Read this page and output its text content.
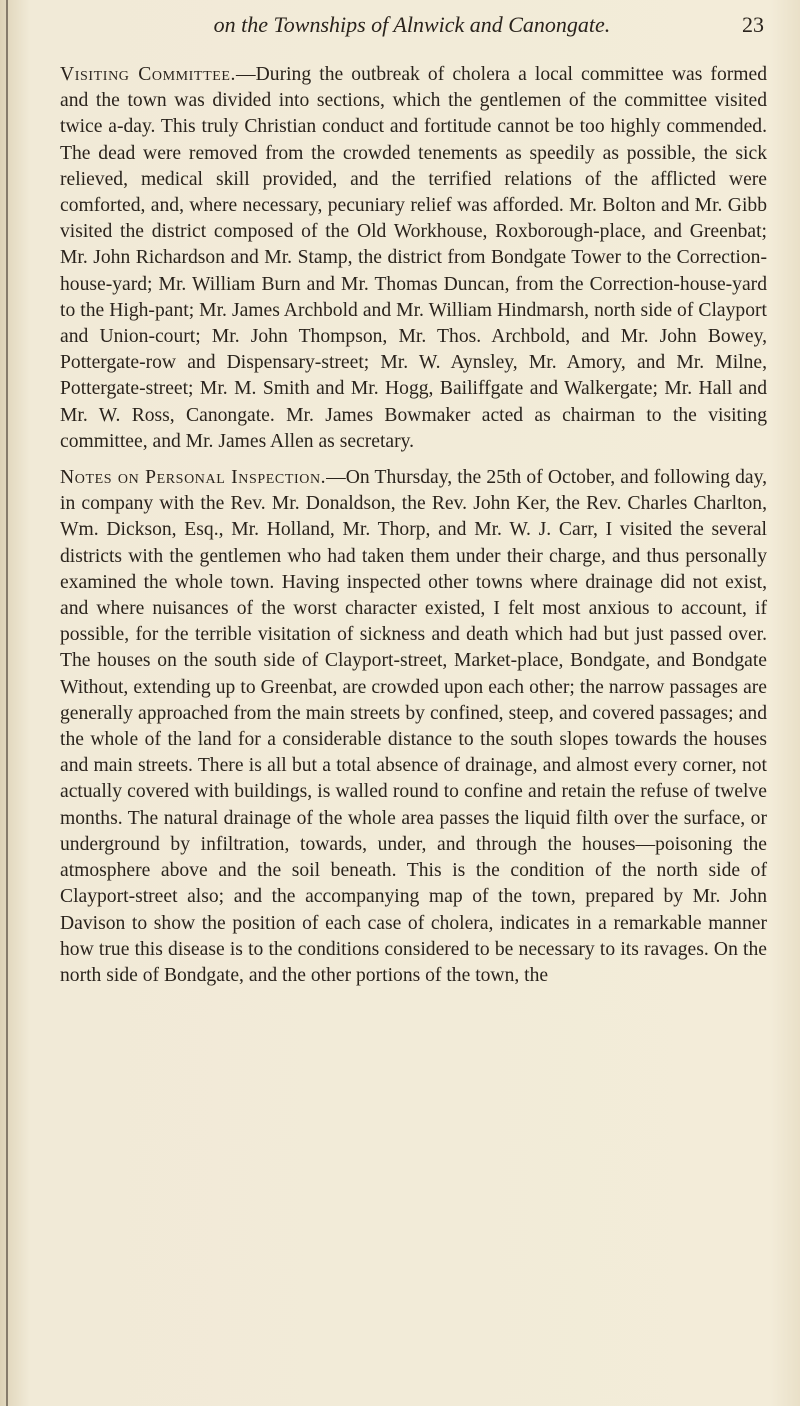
on the Townships of Alnwick and Canongate.	23

Visiting Committee.—During the outbreak of cholera a local committee was formed and the town was divided into sections, which the gentlemen of the committee visited twice a-day. This truly Christian conduct and fortitude cannot be too highly commended. The dead were removed from the crowded tenements as speedily as possible, the sick relieved, medical skill provided, and the terrified relations of the afflicted were comforted, and, where necessary, pecuniary relief was afforded. Mr. Bolton and Mr. Gibb visited the district composed of the Old Workhouse, Roxborough-place, and Greenbat; Mr. John Richardson and Mr. Stamp, the district from Bondgate Tower to the Correction-house-yard; Mr. William Burn and Mr. Thomas Duncan, from the Correction-house-yard to the High-pant; Mr. James Archbold and Mr. William Hindmarsh, north side of Clayport and Union-court; Mr. John Thompson, Mr. Thos. Archbold, and Mr. John Bowey, Pottergate-row and Dispensary-street; Mr. W. Aynsley, Mr. Amory, and Mr. Milne, Pottergate-street; Mr. M. Smith and Mr. Hogg, Bailiffgate and Walkergate; Mr. Hall and Mr. W. Ross, Canongate. Mr. James Bowmaker acted as chairman to the visiting committee, and Mr. James Allen as secretary.

Notes on Personal Inspection.—On Thursday, the 25th of October, and following day, in company with the Rev. Mr. Donaldson, the Rev. John Ker, the Rev. Charles Charlton, Wm. Dickson, Esq., Mr. Holland, Mr. Thorp, and Mr. W. J. Carr, I visited the several districts with the gentlemen who had taken them under their charge, and thus personally examined the whole town. Having inspected other towns where drainage did not exist, and where nuisances of the worst character existed, I felt most anxious to account, if possible, for the terrible visitation of sickness and death which had but just passed over. The houses on the south side of Clayport-street, Market-place, Bondgate, and Bondgate Without, extending up to Greenbat, are crowded upon each other; the narrow passages are generally approached from the main streets by confined, steep, and covered passages; and the whole of the land for a considerable distance to the south slopes towards the houses and main streets. There is all but a total absence of drainage, and almost every corner, not actually covered with buildings, is walled round to confine and retain the refuse of twelve months. The natural drainage of the whole area passes the liquid filth over the surface, or underground by infiltration, towards, under, and through the houses—poisoning the atmosphere above and the soil beneath. This is the condition of the north side of Clayport-street also; and the accompanying map of the town, prepared by Mr. John Davison to show the position of each case of cholera, indicates in a remarkable manner how true this disease is to the conditions considered to be necessary to its ravages. On the north side of Bondgate, and the other portions of the town, the
